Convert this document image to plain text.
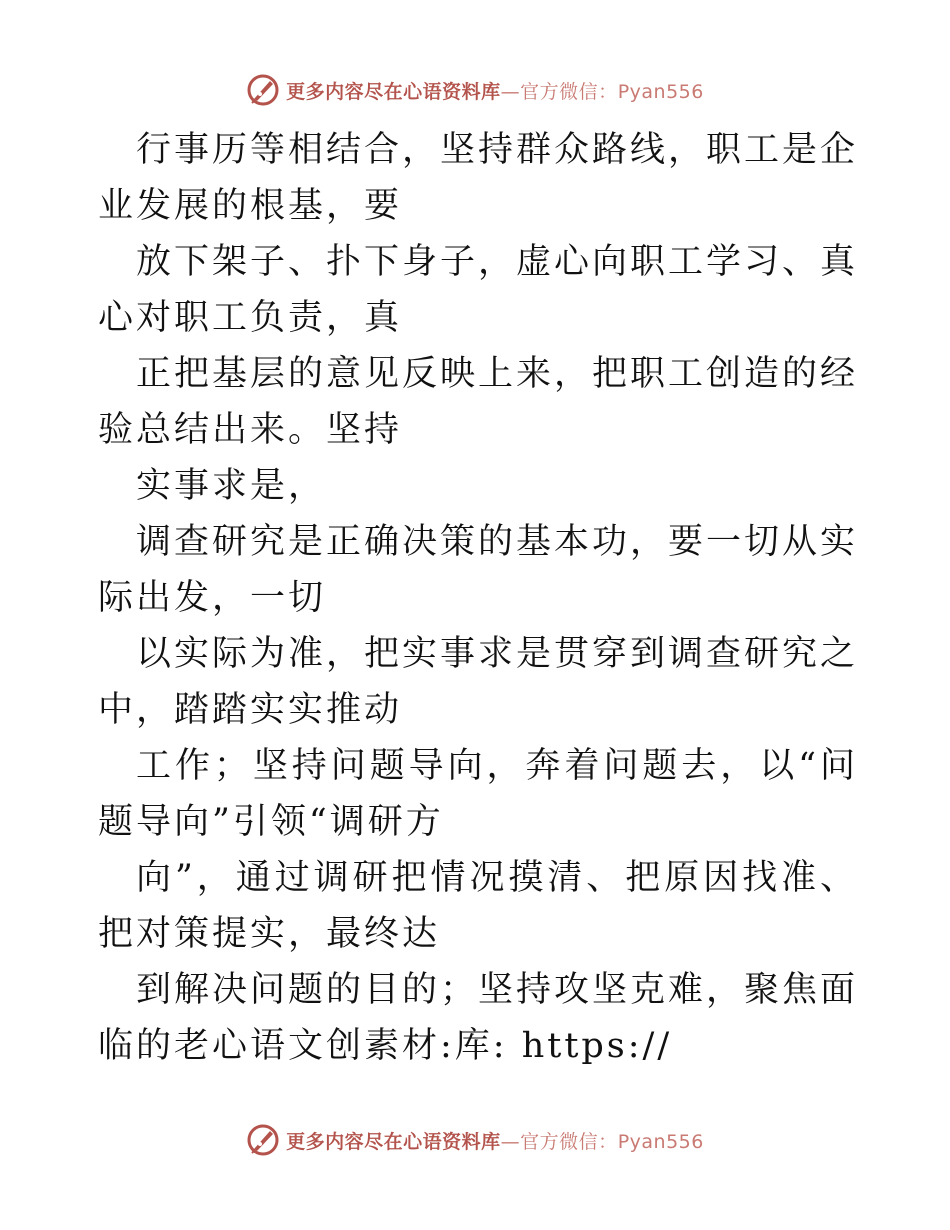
更多内容尽在心语资料库—官方微信：Pyan556

行事历等相结合，坚持群众路线，职工是企业发展的根基，要

放下架子、扑下身子，虚心向职工学习、真心对职工负责，真

正把基层的意见反映上来，把职工创造的经验总结出来。坚持

实事求是，

调查研究是正确决策的基本功，要一切从实际出发，一切

以实际为准，把实事求是贯穿到调查研究之中，踏踏实实推动

工作；坚持问题导向，奔着问题去，以“问题导向”引领“调研方

向”，通过调研把情况摸清、把原因找准、把对策提实，最终达

到解决问题的目的；坚持攻坚克难，聚焦面临的老心语文创素材:库: https://

更多内容尽在心语资料库—官方微信：Pyan556
